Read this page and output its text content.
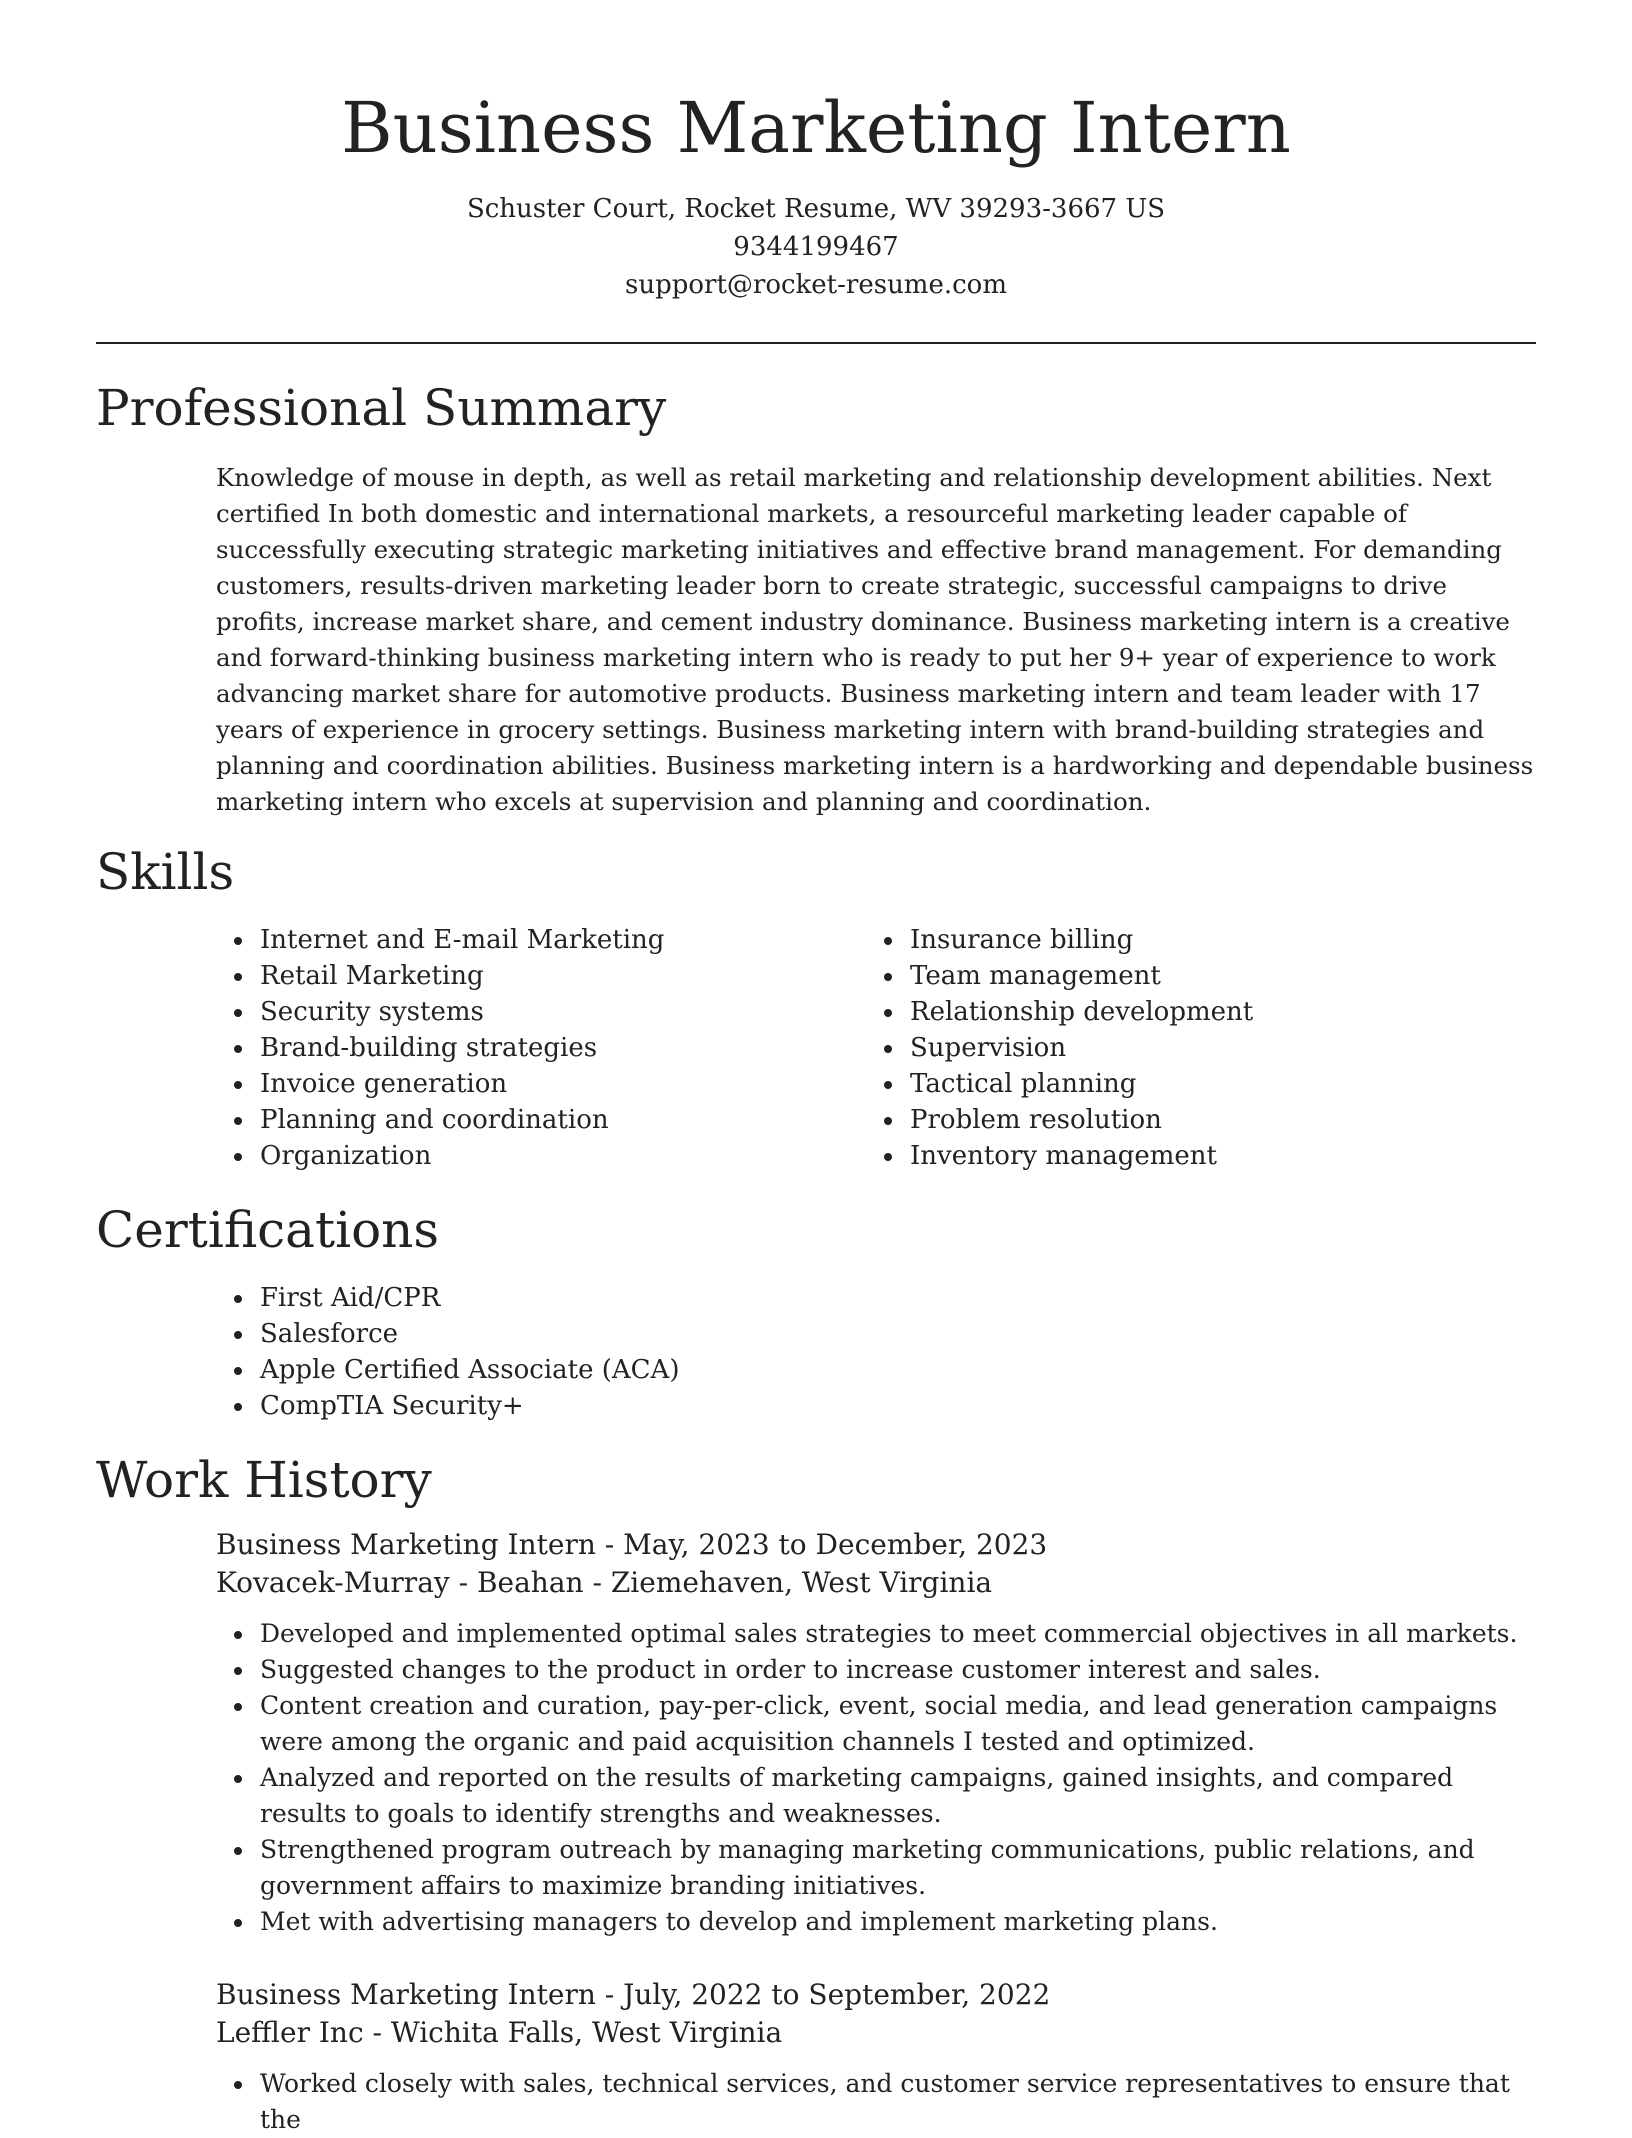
Business Marketing Intern
Schuster Court, Rocket Resume, WV 39293-3667 US
9344199467
support@rocket-resume.com
Professional Summary

Knowledge of mouse in depth, as well as retail marketing and relationship development abilities. Next certified In both domestic and international markets, a resourceful marketing leader capable of successfully executing strategic marketing initiatives and effective brand management. For demanding customers, results-driven marketing leader born to create strategic, successful campaigns to drive profits, increase market share, and cement industry dominance. Business marketing intern is a creative and forward-thinking business marketing intern who is ready to put her 9+ year of experience to work advancing market share for automotive products. Business marketing intern and team leader with 17 years of experience in grocery settings. Business marketing intern with brand-building strategies and planning and coordination abilities. Business marketing intern is a hardworking and dependable business marketing intern who excels at supervision and planning and coordination.

Skills
Internet and E-mail Marketing
Retail Marketing
Security systems
Brand-building strategies
Invoice generation
Planning and coordination
Organization
Insurance billing
Team management
Relationship development
Supervision
Tactical planning
Problem resolution
Inventory management
Certifications
First Aid/CPR
Salesforce
Apple Certified Associate (ACA)
CompTIA Security+
Work History
Business Marketing Intern - May, 2023 to December, 2023
Kovacek-Murray - Beahan - Ziemehaven, West Virginia
Developed and implemented optimal sales strategies to meet commercial objectives in all markets.
Suggested changes to the product in order to increase customer interest and sales.
Content creation and curation, pay-per-click, event, social media, and lead generation campaigns were among the organic and paid acquisition channels I tested and optimized.
Analyzed and reported on the results of marketing campaigns, gained insights, and compared results to goals to identify strengths and weaknesses.
Strengthened program outreach by managing marketing communications, public relations, and government affairs to maximize branding initiatives.
Met with advertising managers to develop and implement marketing plans.
Business Marketing Intern - July, 2022 to September, 2022
Leffler Inc - Wichita Falls, West Virginia
Worked closely with sales, technical services, and customer service representatives to ensure that the
